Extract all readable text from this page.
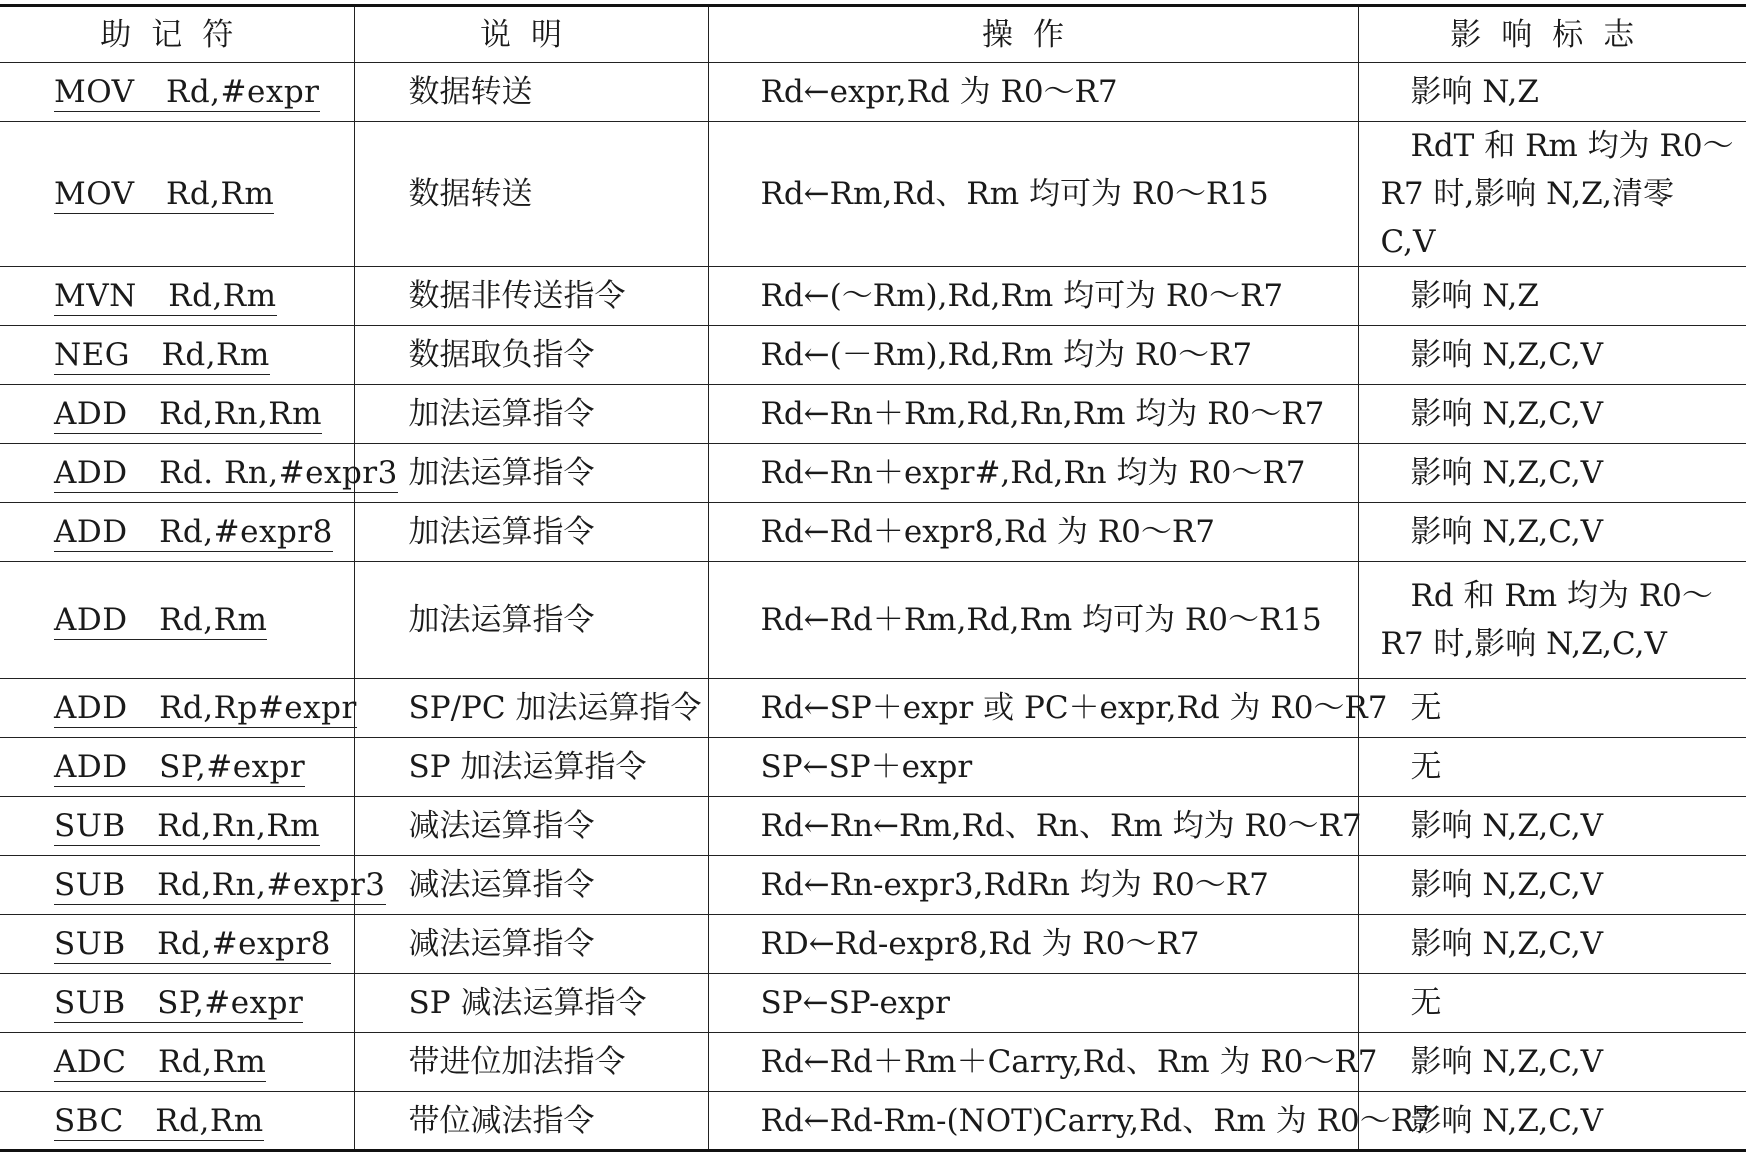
助记符	说明	操作	影响标志
MOV　Rd,#expr	数据转送	Rd←expr,Rd 为 R0～R7	影响 N,Z
MOV　Rd,Rm	数据转送	Rd←Rm,Rd、Rm 均可为 R0～R15	RdT 和 Rm 均为 R0～R7 时,影响 N,Z,清零 C,V
MVN　Rd,Rm	数据非传送指令	Rd←(～Rm),Rd,Rm 均可为 R0～R7	影响 N,Z
NEG　Rd,Rm	数据取负指令	Rd←(－Rm),Rd,Rm 均为 R0～R7	影响 N,Z,C,V
ADD　Rd,Rn,Rm	加法运算指令	Rd←Rn＋Rm,Rd,Rn,Rm 均为 R0～R7	影响 N,Z,C,V
ADD　Rd. Rn,#expr3	加法运算指令	Rd←Rn＋expr#,Rd,Rn 均为 R0～R7	影响 N,Z,C,V
ADD　Rd,#expr8	加法运算指令	Rd←Rd＋expr8,Rd 为 R0～R7	影响 N,Z,C,V
ADD　Rd,Rm	加法运算指令	Rd←Rd＋Rm,Rd,Rm 均可为 R0～R15	Rd 和 Rm 均为 R0～R7 时,影响 N,Z,C,V
ADD　Rd,Rp#expr	SP/PC 加法运算指令	Rd←SP＋expr 或 PC＋expr,Rd 为 R0～R7	无
ADD　SP,#expr	SP 加法运算指令	SP←SP＋expr	无
SUB　Rd,Rn,Rm	减法运算指令	Rd←Rn←Rm,Rd、Rn、Rm 均为 R0～R7	影响 N,Z,C,V
SUB　Rd,Rn,#expr3	减法运算指令	Rd←Rn-expr3,RdRn 均为 R0～R7	影响 N,Z,C,V
SUB　Rd,#expr8	减法运算指令	RD←Rd-expr8,Rd 为 R0～R7	影响 N,Z,C,V
SUB　SP,#expr	SP 减法运算指令	SP←SP-expr	无
ADC　Rd,Rm	带进位加法指令	Rd←Rd＋Rm＋Carry,Rd、Rm 为 R0～R7	影响 N,Z,C,V
SBC　Rd,Rm	带位减法指令	Rd←Rd-Rm-(NOT)Carry,Rd、Rm 为 R0～R7	影响 N,Z,C,V
